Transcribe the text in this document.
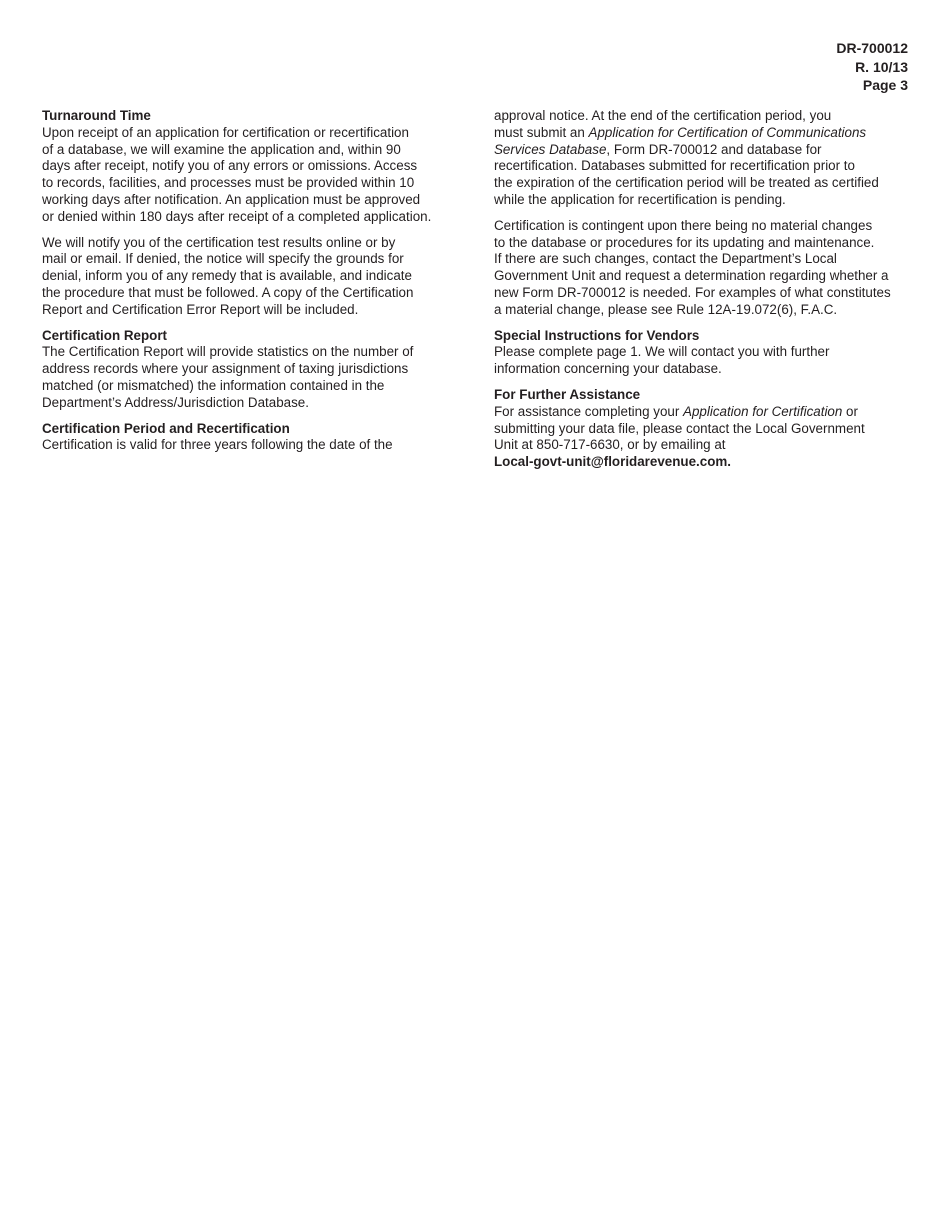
DR-700012
R. 10/13
Page 3
Turnaround Time
Upon receipt of an application for certification or recertification
of a database, we will examine the application and, within 90
days after receipt, notify you of any errors or omissions. Access
to records, facilities, and processes must be provided within 10
working days after notification. An application must be approved
or denied within 180 days after receipt of a completed application.
We will notify you of the certification test results online or by
mail or email. If denied, the notice will specify the grounds for
denial, inform you of any remedy that is available, and indicate
the procedure that must be followed. A copy of the Certification
Report and Certification Error Report will be included.
Certification Report
The Certification Report will provide statistics on the number of
address records where your assignment of taxing jurisdictions
matched (or mismatched) the information contained in the
Department’s Address/Jurisdiction Database.
Certification Period and Recertification
Certification is valid for three years following the date of the
approval notice. At the end of the certification period, you
must submit an Application for Certification of Communications
Services Database, Form DR-700012 and database for
recertification. Databases submitted for recertification prior to
the expiration of the certification period will be treated as certified
while the application for recertification is pending.
Certification is contingent upon there being no material changes
to the database or procedures for its updating and maintenance.
If there are such changes, contact the Department’s Local
Government Unit and request a determination regarding whether a
new Form DR-700012 is needed. For examples of what constitutes
a material change, please see Rule 12A-19.072(6), F.A.C.
Special Instructions for Vendors
Please complete page 1. We will contact you with further
information concerning your database.
For Further Assistance
For assistance completing your Application for Certification or
submitting your data file, please contact the Local Government
Unit at 850-717-6630, or by emailing at
Local-govt-unit@floridarevenue.com.
